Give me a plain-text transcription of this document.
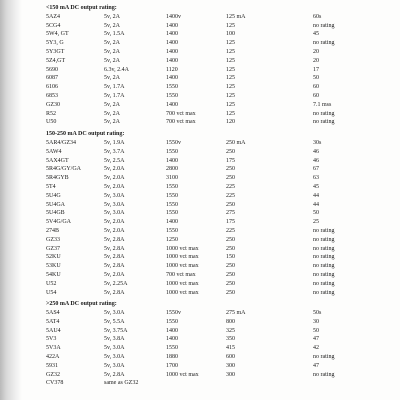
<150 mA DC output rating:
5AZ4	5v, 2A	1400v	125 mA	60s
5CG4	5v, 2A	1400	125	no rating
5W4, GT	5v, 1.5A	1400	100	45
5Y3, G	5v, 2A	1400	125	no rating
5Y3GT	5v, 2A	1400	125	20
5Z4,GT	5v, 2A	1400	125	20
5690	6.3v, 2.4A	1120	125	17
6087	5v, 2A	1400	125	50
6106	5v, 1.7A	1550	125	60
6853	5v, 1.7A	1550	125	60
GZ30	5v, 2A	1400	125	7.1 mss
R52	5v, 2A	700 vct max	125	no rating
U50	5v, 2A	700 vct max	120	no rating
150-250 mA DC output rating:
5AR4/GZ34	5v, 1.9A	1550v	250 mA	30s
5AW4	5v, 3.7A	1550	250	46
5AX4GT	5v, 2.5A	1400	175	46
5R4G/GY/GA	5v, 2.0A	2800	250	67
5R4GYB	5v, 2.0A	3100	250	63
5T4	5v, 2.0A	1550	225	45
5U4G	5v, 3.0A	1550	225	44
5U4GA	5v, 3.0A	1550	250	44
5U4GB	5v, 3.0A	1550	275	50
5V4G/GA	5v, 2.0A	1400	175	25
274B	5v, 2.0A	1550	225	no rating
GZ33	5v, 2.8A	1250	250	no rating
GZ37	5v, 2.8A	1000 vct max	250	no rating
52KU	5v, 2.8A	1000 vct max	150	no rating
53KU	5v, 2.8A	1000 vct max	250	no rating
54KU	5v, 2.0A	700 vct max	250	no rating
U52	5v, 2.25A	1000 vct max	250	no rating
U54	5v, 2.8A	1000 vct max	250	no rating
>250 mA DC output rating:
5AS4	5v, 3.0A	1550v	275 mA	50s
5AT4	5v, 5.5A	1550	800	30
5AU4	5v, 3.75A	1400	325	50
5V3	5v, 3.8A	1400	350	47
5V3A	5v, 3.0A	1550	415	42
422A	5v, 3.0A	1880	600	no rating
5931	5v, 3.0A	1700	300	47
GZ32	5v, 2.8A	1000 vct max	300	no rating
CV378	same as GZ32
